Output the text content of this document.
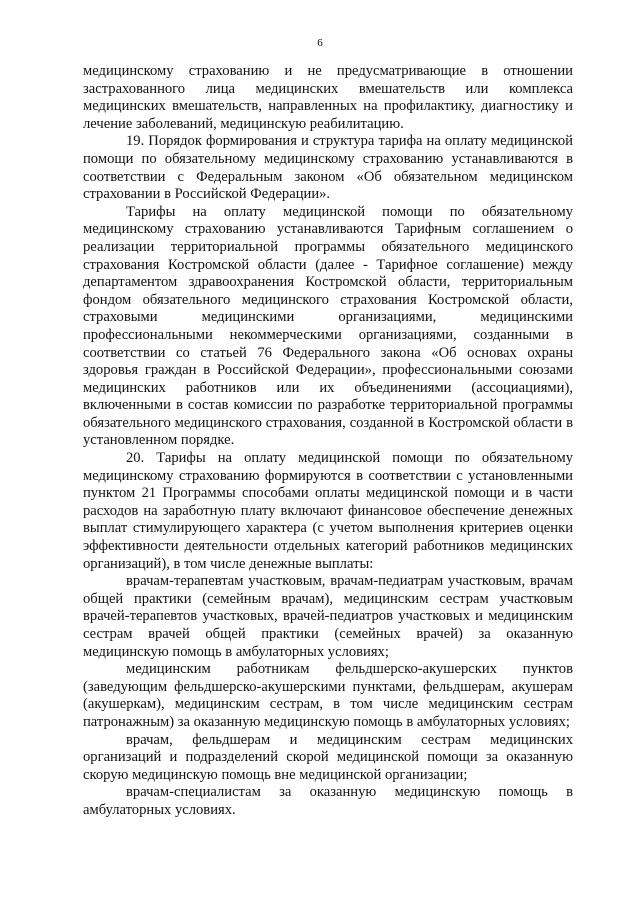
6

медицинскому страхованию и не предусматривающие в отношении застрахованного лица медицинских вмешательств или комплекса медицинских вмешательств, направленных на профилактику, диагностику и лечение заболеваний, медицинскую реабилитацию.

19. Порядок формирования и структура тарифа на оплату медицинской помощи по обязательному медицинскому страхованию устанавливаются в соответствии с Федеральным законом «Об обязательном медицинском страховании в Российской Федерации».

Тарифы на оплату медицинской помощи по обязательному медицинскому страхованию устанавливаются Тарифным соглашением о реализации территориальной программы обязательного медицинского страхования Костромской области (далее - Тарифное соглашение) между департаментом здравоохранения Костромской области, территориальным фондом обязательного медицинского страхования Костромской области, страховыми медицинскими организациями, медицинскими профессиональными некоммерческими организациями, созданными в соответствии со статьей 76 Федерального закона «Об основах охраны здоровья граждан в Российской Федерации», профессиональными союзами медицинских работников или их объединениями (ассоциациями), включенными в состав комиссии по разработке территориальной программы обязательного медицинского страхования, созданной в Костромской области в установленном порядке.

20. Тарифы на оплату медицинской помощи по обязательному медицинскому страхованию формируются в соответствии с установленными пунктом 21 Программы способами оплаты медицинской помощи и в части расходов на заработную плату включают финансовое обеспечение денежных выплат стимулирующего характера (с учетом выполнения критериев оценки эффективности деятельности отдельных категорий работников медицинских организаций), в том числе денежные выплаты:

врачам-терапевтам участковым, врачам-педиатрам участковым, врачам общей практики (семейным врачам), медицинским сестрам участковым врачей-терапевтов участковых, врачей-педиатров участковых и медицинским сестрам врачей общей практики (семейных врачей) за оказанную медицинскую помощь в амбулаторных условиях;

медицинским работникам фельдшерско-акушерских пунктов (заведующим фельдшерско-акушерскими пунктами, фельдшерам, акушерам (акушеркам), медицинским сестрам, в том числе медицинским сестрам патронажным) за оказанную медицинскую помощь в амбулаторных условиях;

врачам, фельдшерам и медицинским сестрам медицинских организаций и подразделений скорой медицинской помощи за оказанную скорую медицинскую помощь вне медицинской организации;

врачам-специалистам за оказанную медицинскую помощь в амбулаторных условиях.
